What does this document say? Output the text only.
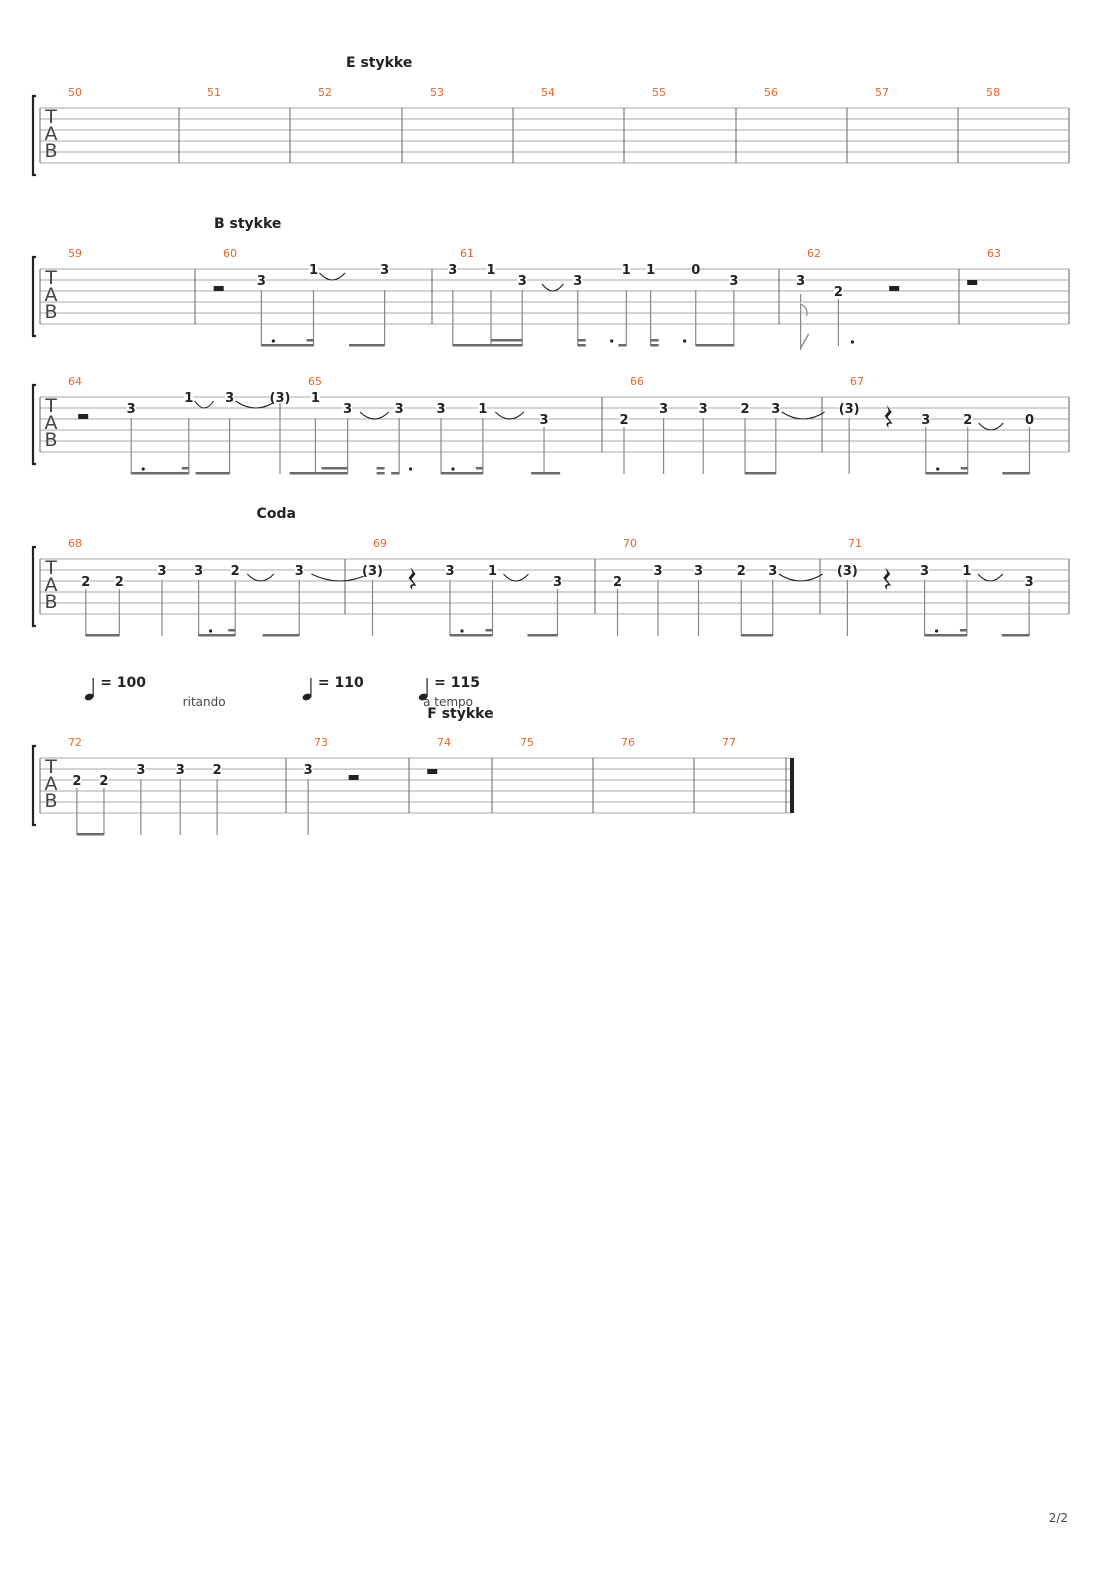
T
A
B
50	51	52	53	54	55	56	57	58
E stykke
T
A
B
59	60	61	62	63
B stykke
3
1	3	3 1
3	3
1 1	0
3	3
2
T
A
B
64	65	66	67
3
1 3	(3) 1
3	3	3	1
3	2
3 3	2 3	(3)
3	2	0
T
A
B
68	69	70	71
Coda
2 2
3 3 2	3	(3)	3	1
3	2
3 3	2 3	(3)	3	1
3
T
A
B
72	73	74	75	76	77
F stykke
= 100	= 110	= 115
ritando	a tempo
2 2
3 3 2	3
2/2
